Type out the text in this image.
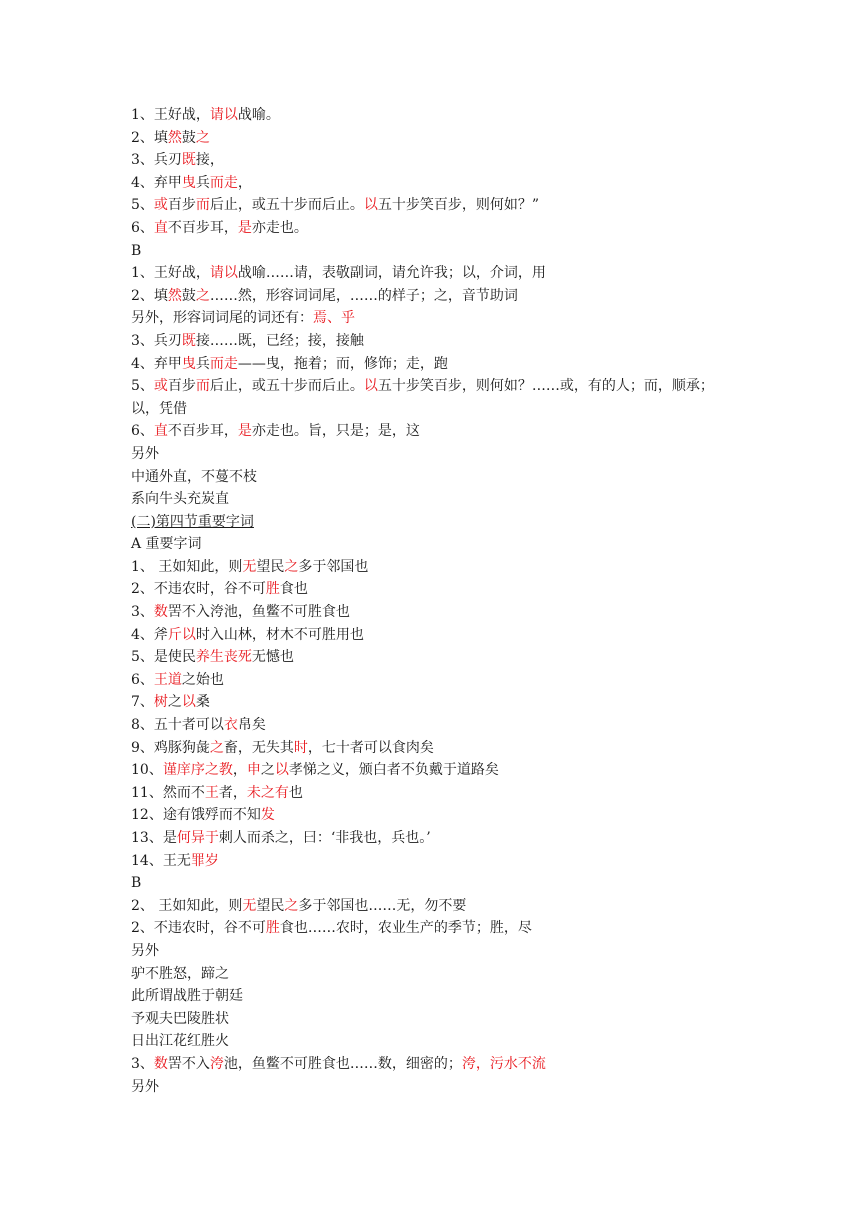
1、王好战，请以战喻。

2、填然鼓之

3、兵刃既接，

4、弃甲曳兵而走，

5、或百步而后止，或五十步而后止。以五十步笑百步，则何如？”

6、直不百步耳，是亦走也。

B

1、王好战，请以战喻……请，表敬副词，请允许我；以，介词，用

2、填然鼓之……然，形容词词尾，……的样子；之，音节助词

另外，形容词词尾的词还有：焉、乎

3、兵刃既接……既，已经；接，接触

4、弃甲曳兵而走——曳，拖着；而，修饰；走，跑

5、或百步而后止，或五十步而后止。以五十步笑百步，则何如？……或，有的人；而，顺承；以，凭借

6、直不百步耳，是亦走也。旨，只是；是，这

另外

中通外直，不蔓不枝

系向牛头充炭直

(二)第四节重要字词

A 重要字词

1、 王如知此，则无望民之多于邻国也

2、不违农时，谷不可胜食也

3、数罟不入洿池，鱼鳖不可胜食也

4、斧斤以时入山林，材木不可胜用也

5、是使民养生丧死无憾也

6、王道之始也

7、树之以桑

8、五十者可以衣帛矣

9、鸡豚狗彘之畜，无失其时，七十者可以食肉矣

10、谨庠序之教，申之以孝悌之义，颁白者不负戴于道路矣

11、然而不王者，未之有也

12、途有饿殍而不知发

13、是何异于刺人而杀之，曰：‘非我也，兵也。’

14、王无罪岁

B

2、 王如知此，则无望民之多于邻国也……无，勿不要

2、不违农时，谷不可胜食也……农时，农业生产的季节；胜，尽

另外

驴不胜怒，蹄之

此所谓战胜于朝廷

予观夫巴陵胜状

日出江花红胜火

3、数罟不入洿池，鱼鳖不可胜食也……数，细密的；洿，污水不流

另外
